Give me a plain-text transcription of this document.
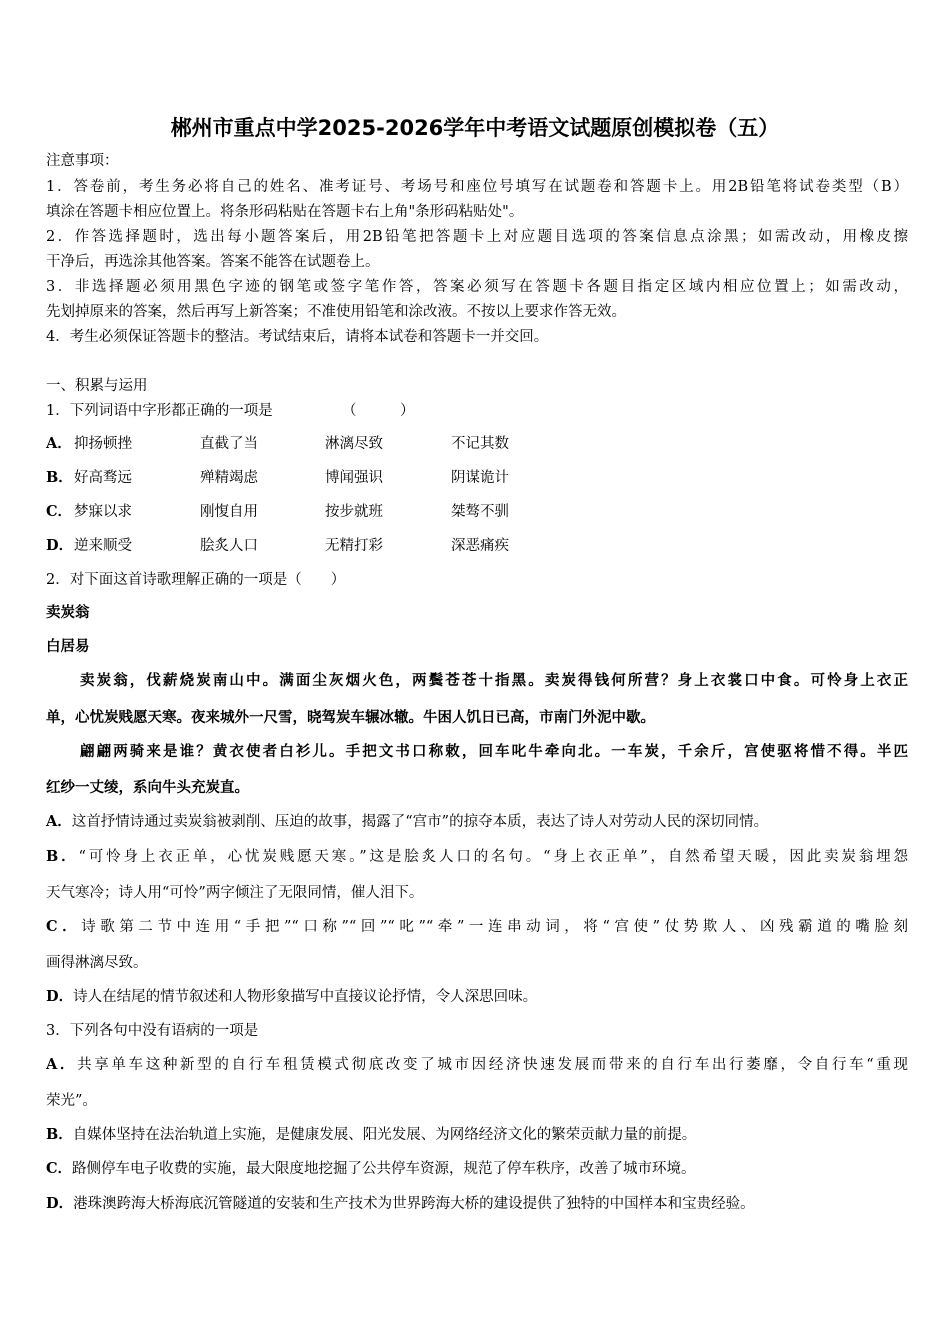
郴州市重点中学2025-2026学年中考语文试题原创模拟卷（五）
注意事项：
1．答卷前，考生务必将自己的姓名、准考证号、考场号和座位号填写在试题卷和答题卡上。用2B铅笔将试卷类型（B）
填涂在答题卡相应位置上。将条形码粘贴在答题卡右上角"条形码粘贴处"。
2．作答选择题时，选出每小题答案后，用2B铅笔把答题卡上对应题目选项的答案信息点涂黑；如需改动，用橡皮擦
干净后，再选涂其他答案。答案不能答在试题卷上。
3．非选择题必须用黑色字迹的钢笔或签字笔作答，答案必须写在答题卡各题目指定区域内相应位置上；如需改动，
先划掉原来的答案，然后再写上新答案；不准使用铅笔和涂改液。不按以上要求作答无效。
4．考生必须保证答题卡的整洁。考试结束后，请将本试卷和答题卡一并交回。
一、积累与运用
1．下列词语中字形都正确的一项是	（　　　）
A． 抑扬顿挫	直截了当	淋漓尽致	不记其数
B． 好高骛远	殚精竭虑	博闻强识	阴谋诡计
C． 梦寐以求	刚愎自用	按步就班	桀骜不驯
D． 逆来顺受	脍炙人口	无精打彩	深恶痛疾
2．对下面这首诗歌理解正确的一项是（　　）
卖炭翁
白居易
卖炭翁，伐薪烧炭南山中。满面尘灰烟火色，两鬓苍苍十指黑。卖炭得钱何所营？身上衣裳口中食。可怜身上衣正
单，心忧炭贱愿天寒。夜来城外一尺雪，晓驾炭车辗冰辙。牛困人饥日已高，市南门外泥中歇。
翩翩两骑来是谁？黄衣使者白衫儿。手把文书口称敕，回车叱牛牵向北。一车炭，千余斤，宫使驱将惜不得。半匹
红纱一丈绫，系向牛头充炭直。
A．这首抒情诗通过卖炭翁被剥削、压迫的故事，揭露了“宫市”的掠夺本质，表达了诗人对劳动人民的深切同情。
B．“可怜身上衣正单，心忧炭贱愿天寒。”这是脍炙人口的名句。“身上衣正单”，自然希望天暖，因此卖炭翁埋怨
天气寒冷；诗人用“可怜”两字倾注了无限同情，催人泪下。
C．诗歌第二节中连用“手把”“口称”“回”“叱”“牵”一连串动词，将“宫使”仗势欺人、凶残霸道的嘴脸刻
画得淋漓尽致。
D．诗人在结尾的情节叙述和人物形象描写中直接议论抒情，令人深思回味。
3．下列各句中没有语病的一项是
A．共享单车这种新型的自行车租赁模式彻底改变了城市因经济快速发展而带来的自行车出行萎靡，令自行车“重现
荣光”。
B．自媒体坚持在法治轨道上实施，是健康发展、阳光发展、为网络经济文化的繁荣贡献力量的前提。
C．路侧停车电子收费的实施，最大限度地挖掘了公共停车资源，规范了停车秩序，改善了城市环境。
D．港珠澳跨海大桥海底沉管隧道的安装和生产技术为世界跨海大桥的建设提供了独特的中国样本和宝贵经验。
